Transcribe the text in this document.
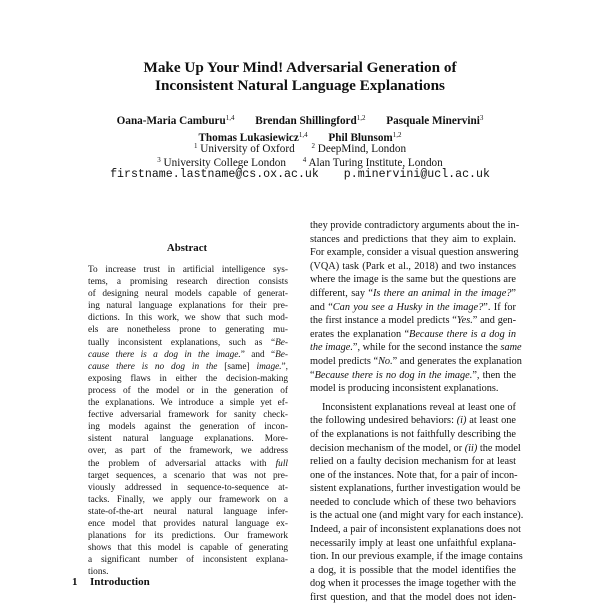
Make Up Your Mind! Adversarial Generation of
Inconsistent Natural Language Explanations
Oana-Maria Camburu$^{1,4}$ Brendan Shillingford$^{1,2}$ Pasquale Minervini$^3$
Thomas Lukasiewicz$^{1,4}$ Phil Blunsom$^{1,2}$
$^1$ University of Oxford $^2$ DeepMind, London
$^3$ University College London $^4$ Alan Turing Institute, London
firstname.lastname@cs.ox.ac.uk p.minervini@ucl.ac.uk
Abstract
To increase trust in artificial intelligence sys-
tems, a promising research direction consists
of designing neural models capable of generat-
ing natural language explanations for their pre-
dictions. In this work, we show that such mod-
els are nonetheless prone to generating mu-
tually inconsistent explanations, such as “Be-
cause there is a dog in the image.” and “Be-
cause there is no dog in the [same] image.”,
exposing flaws in either the decision-making
process of the model or in the generation of
the explanations. We introduce a simple yet ef-
fective adversarial framework for sanity check-
ing models against the generation of incon-
sistent natural language explanations. More-
over, as part of the framework, we address
the problem of adversarial attacks with full
target sequences, a scenario that was not pre-
viously addressed in sequence-to-sequence at-
tacks. Finally, we apply our framework on a
state-of-the-art neural natural language infer-
ence model that provides natural language ex-
planations for its predictions. Our framework
shows that this model is capable of generating
a significant number of inconsistent explana-
tions.
1 Introduction
they provide contradictory arguments about the in-
stances and predictions that they aim to explain.
For example, consider a visual question answering
(VQA) task (Park et al., 2018) and two instances
where the image is the same but the questions are
different, say “Is there an animal in the image?”
and “Can you see a Husky in the image?”. If for
the first instance a model predicts “Yes.” and gen-
erates the explanation “Because there is a dog in
the image.”, while for the second instance the same
model predicts “No.” and generates the explanation
“Because there is no dog in the image.”, then the
model is producing inconsistent explanations.
Inconsistent explanations reveal at least one of
the following undesired behaviors: (i) at least one
of the explanations is not faithfully describing the
decision mechanism of the model, or (ii) the model
relied on a faulty decision mechanism for at least
one of the instances. Note that, for a pair of incon-
sistent explanations, further investigation would be
needed to conclude which of these two behaviors
is the actual one (and might vary for each instance).
Indeed, a pair of inconsistent explanations does not
necessarily imply at least one unfaithful explana-
tion. In our previous example, if the image contains
a dog, it is possible that the model identifies the
dog when it processes the image together with the
first question, and that the model does not iden-
